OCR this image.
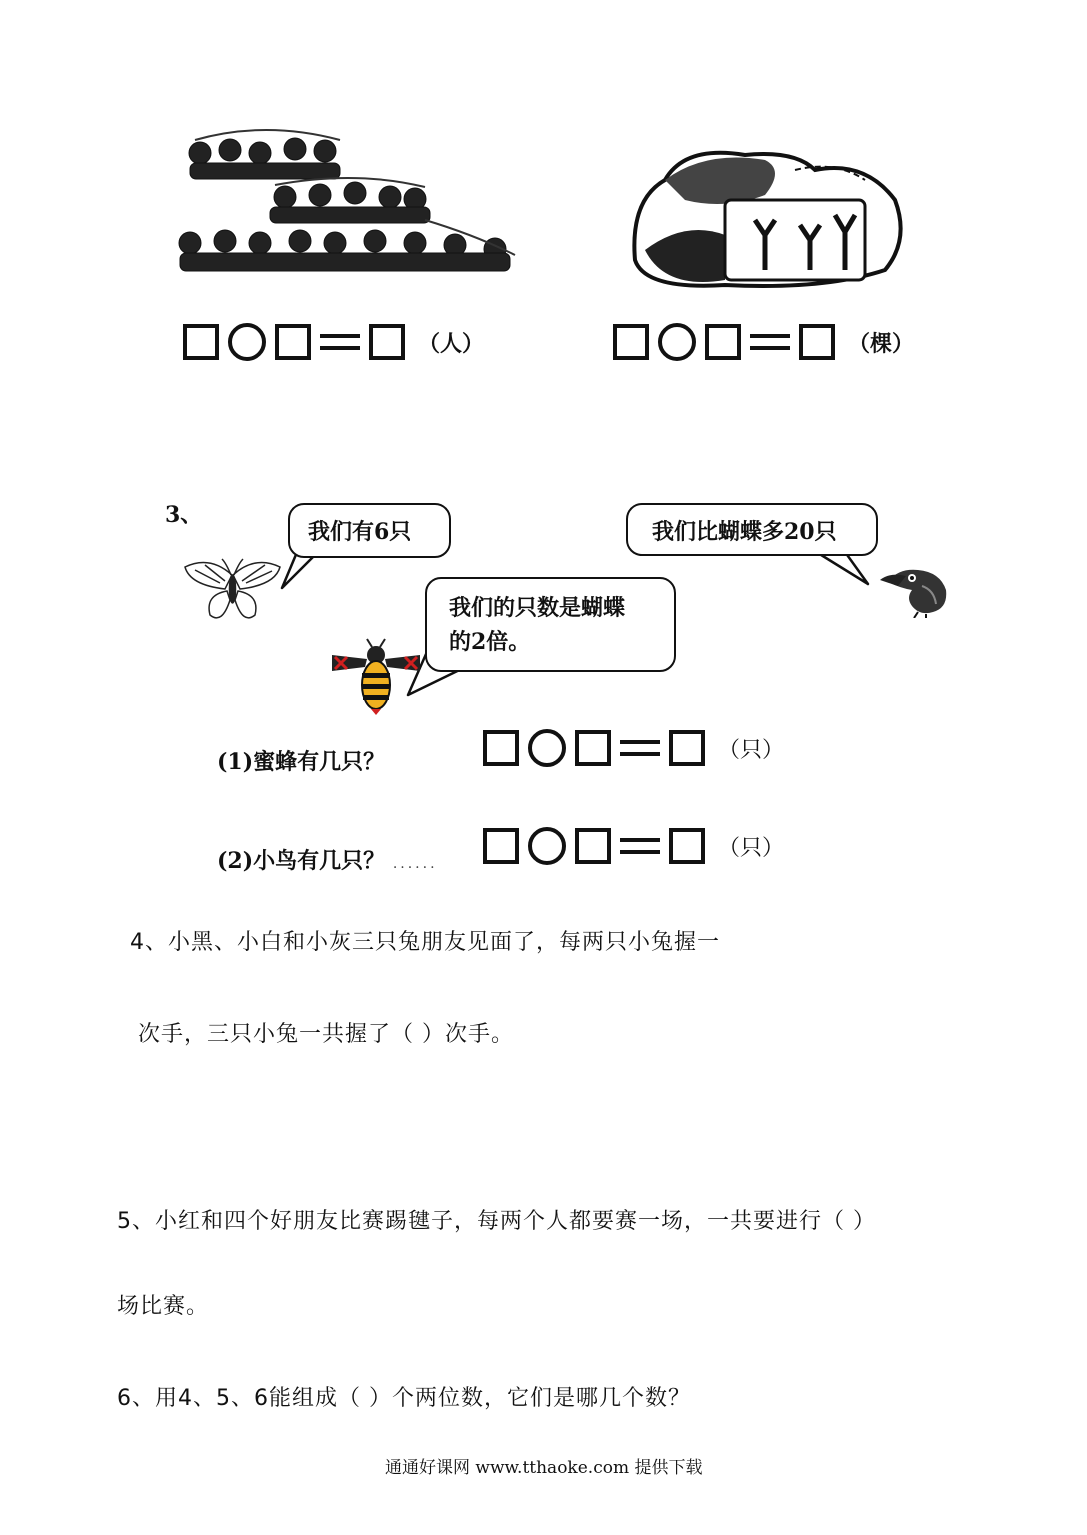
（人）	（棵）
3、
我们有6只	我们比蝴蝶多20只
我们的只数是蝴蝶
的2倍。
(1)蜜蜂有几只？	（只）
(2)小鸟有几只？ ......
（只）
4、小黑、小白和小灰三只兔朋友见面了，每两只小兔握一
次手，三只小兔一共握了（ ）次手。
5、小红和四个好朋友比赛踢毽子，每两个人都要赛一场，一共要进行（ ）
场比赛。
6、用4、5、6能组成（ ）个两位数，它们是哪几个数？
通通好课网 www.tthaoke.com 提供下载
